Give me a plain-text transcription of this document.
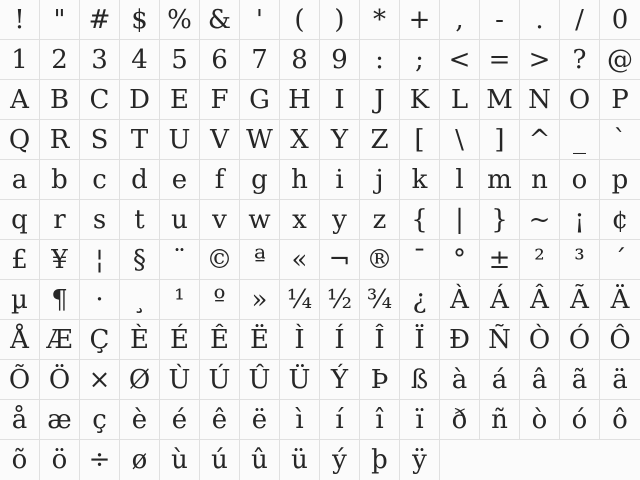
!	" # $ % & '	(	)	* + ,	-	.	/	0
1 2 3 4 5 6 7 8 9	:	; < = > ? @
A B C D E F G H I	J K L M N O P
Q R S T U V W X Y Z [	\	] ^ _	`
a b c d e	f	g h	i	j	k	l m n o p
q r	s	t	u v w x y z {	|	} ~ ¡	¢
£ ¥	¦	§	¨ © ª « ¬ ® ¯	° ± ²	³	´
µ ¶	·	¸	¹	º » ¼ ½ ¾ ¿ À Á Â Ã Ä
Å Æ Ç È É Ê Ë Ì	Í	Î	Ï Ð Ñ Ò Ó Ô
Õ Ö × Ø Ù Ú Û Ü Ý Þ ß à á â ã ä
å æ ç è é ê ë	ì	í	î	ï	ð ñ ò ó ô
õ ö ÷ ø ù ú û ü ý þ ÿ
